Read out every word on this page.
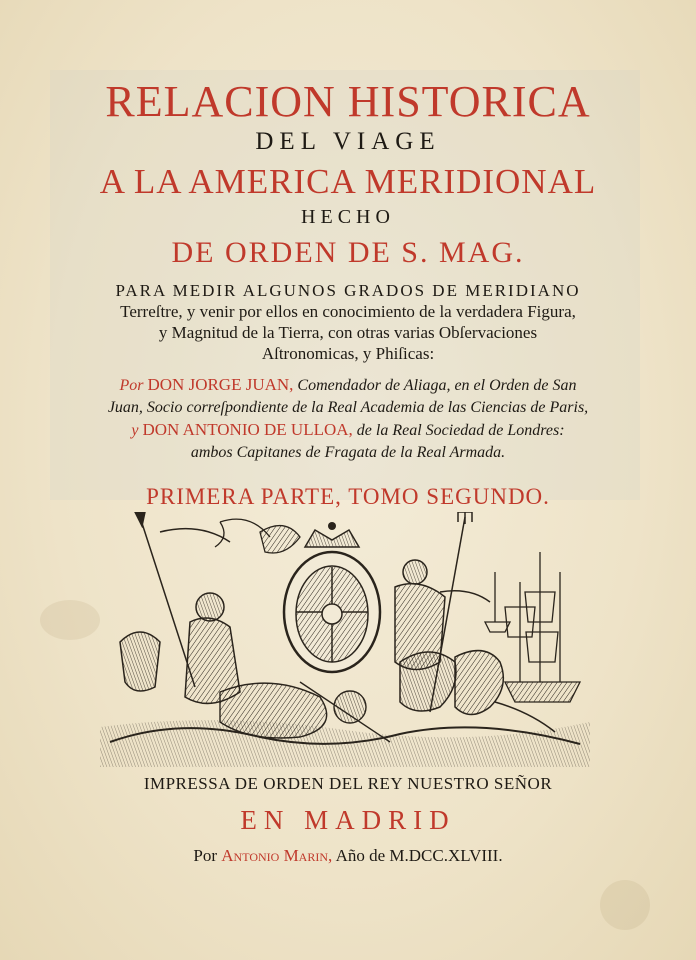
RELACION HISTORICA
DEL VIAGE
A LA AMERICA MERIDIONAL
HECHO
DE ORDEN DE S. MAG.
PARA MEDIR ALGUNOS GRADOS DE MERIDIANO
Terreſtre, y venir por ellos en conocimiento de la verdadera Figura,
y Magnitud de la Tierra, con otras varias Obſervaciones
Aſtronomicas, y Phiſicas:
Por DON JORGE JUAN, Comendador de Aliaga, en el Orden de San
Juan, Socio correſpondiente de la Real Academia de las Ciencias de Paris,
y DON ANTONIO DE ULLOA, de la Real Sociedad de Londres:
ambos Capitanes de Fragata de la Real Armada.
PRIMERA PARTE, TOMO SEGUNDO.
IMPRESSA DE ORDEN DEL REY NUESTRO SEÑOR
EN MADRID
Por Antonio Marin, Año de M.DCC.XLVIII.
